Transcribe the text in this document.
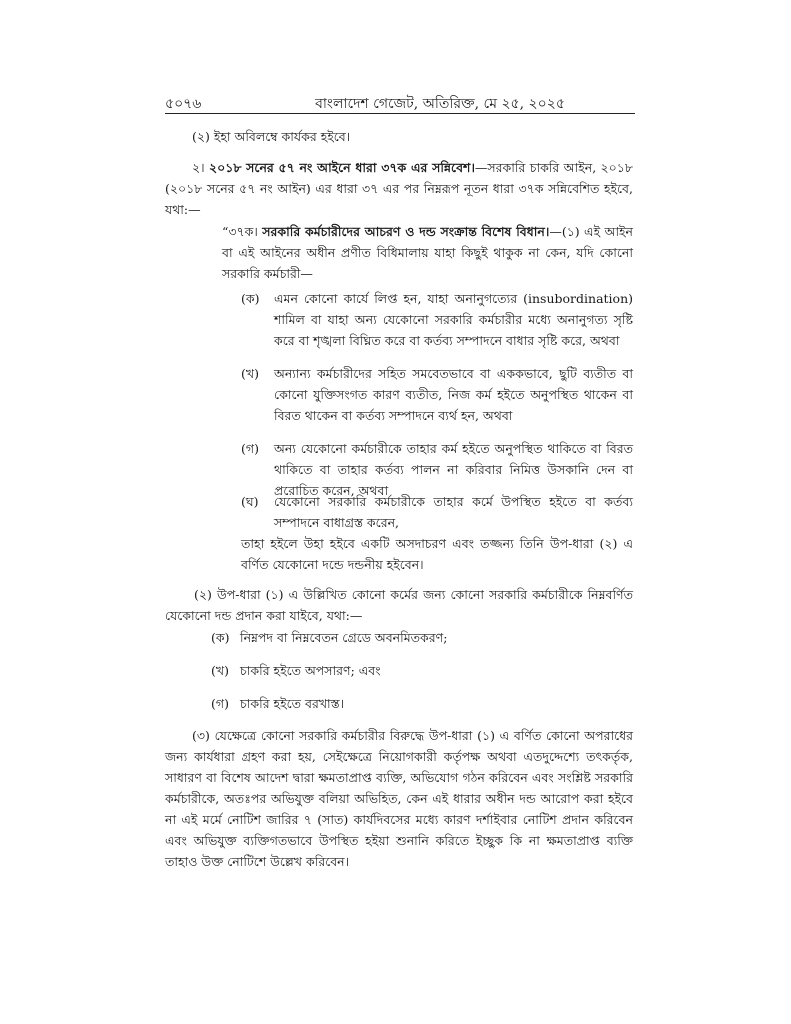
৫০৭৬	বাংলাদেশ গেজেট, অতিরিক্ত, মে ২৫, ২০২৫
(২) ইহা অবিলম্বে কার্যকর হইবে।
২। ২০১৮ সনের ৫৭ নং আইনে ধারা ৩৭ক এর সন্নিবেশ।—সরকারি চাকরি আইন, ২০১৮ (২০১৮ সনের ৫৭ নং আইন) এর ধারা ৩৭ এর পর নিম্নরূপ নূতন ধারা ৩৭ক সন্নিবেশিত হইবে, যথা:—
“৩৭ক। সরকারি কর্মচারীদের আচরণ ও দন্ড সংক্রান্ত বিশেষ বিধান।—(১) এই আইন বা এই আইনের অধীন প্রণীত বিধিমালায় যাহা কিছুই থাকুক না কেন, যদি কোনো সরকারি কর্মচারী—
(ক) এমন কোনো কার্যে লিপ্ত হন, যাহা অনানুগত্যের (insubordination) শামিল বা যাহা অন্য যেকোনো সরকারি কর্মচারীর মধ্যে অনানুগত্য সৃষ্টি করে বা শৃঙ্খলা বিঘ্নিত করে বা কর্তব্য সম্পাদনে বাধার সৃষ্টি করে, অথবা
(খ) অন্যান্য কর্মচারীদের সহিত সমবেতভাবে বা এককভাবে, ছুটি ব্যতীত বা কোনো যুক্তিসংগত কারণ ব্যতীত, নিজ কর্ম হইতে অনুপস্থিত থাকেন বা বিরত থাকেন বা কর্তব্য সম্পাদনে ব্যর্থ হন, অথবা
(গ) অন্য যেকোনো কর্মচারীকে তাহার কর্ম হইতে অনুপস্থিত থাকিতে বা বিরত থাকিতে বা তাহার কর্তব্য পালন না করিবার নিমিত্ত উসকানি দেন বা প্ররোচিত করেন, অথবা
(ঘ) যেকোনো সরকারি কর্মচারীকে তাহার কর্মে উপস্থিত হইতে বা কর্তব্য সম্পাদনে বাধাগ্রস্ত করেন,
তাহা হইলে উহা হইবে একটি অসদাচরণ এবং তজ্জন্য তিনি উপ-ধারা (২) এ বর্ণিত যেকোনো দন্ডে দন্ডনীয় হইবেন।
(২) উপ-ধারা (১) এ উল্লিখিত কোনো কর্মের জন্য কোনো সরকারি কর্মচারীকে নিম্নবর্ণিত যেকোনো দন্ড প্রদান করা যাইবে, যথা:—
(ক) নিম্নপদ বা নিম্নবেতন গ্রেডে অবনমিতকরণ;
(খ) চাকরি হইতে অপসারণ; এবং
(গ) চাকরি হইতে বরখাস্ত।
(৩) যেক্ষেত্রে কোনো সরকারি কর্মচারীর বিরুদ্ধে উপ-ধারা (১) এ বর্ণিত কোনো অপরাধের জন্য কার্যধারা গ্রহণ করা হয়, সেইক্ষেত্রে নিয়োগকারী কর্তৃপক্ষ অথবা এতদুদ্দেশ্যে তৎকর্তৃক, সাধারণ বা বিশেষ আদেশ দ্বারা ক্ষমতাপ্রাপ্ত ব্যক্তি, অভিযোগ গঠন করিবেন এবং সংশ্লিষ্ট সরকারি কর্মচারীকে, অতঃপর অভিযুক্ত বলিয়া অভিহিত, কেন এই ধারার অধীন দন্ড আরোপ করা হইবে না এই মর্মে নোটিশ জারির ৭ (সাত) কার্যদিবসের মধ্যে কারণ দর্শাইবার নোটিশ প্রদান করিবেন এবং অভিযুক্ত ব্যক্তিগতভাবে উপস্থিত হইয়া শুনানি করিতে ইচ্ছুক কি না ক্ষমতাপ্রাপ্ত ব্যক্তি তাহাও উক্ত নোটিশে উল্লেখ করিবেন।
